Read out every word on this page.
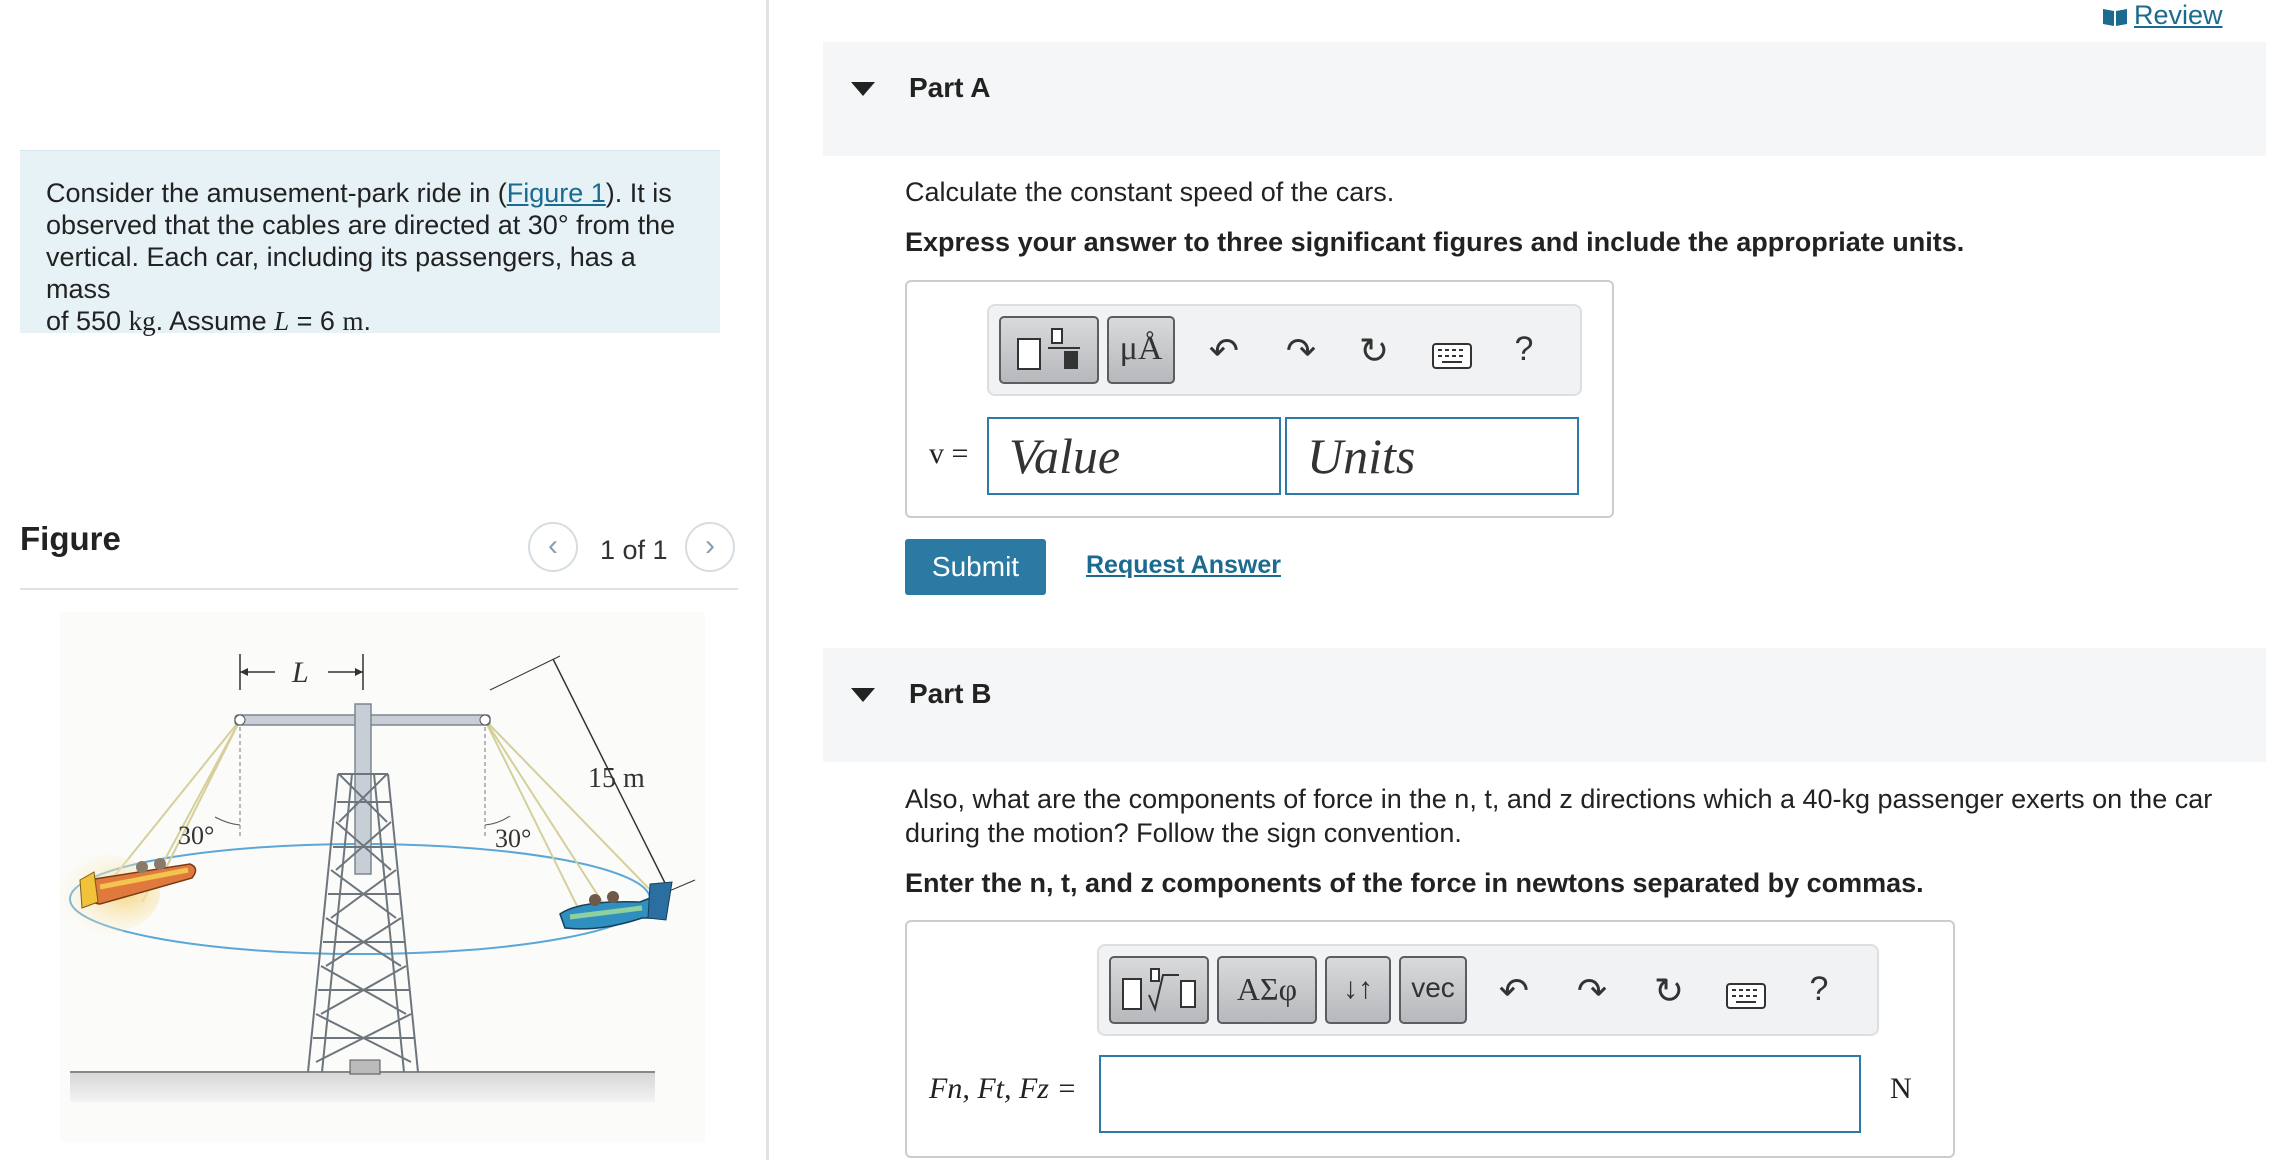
Consider the amusement-park ride in (Figure 1). It is
observed that the cables are directed at 30° from the
vertical. Each car, including its passengers, has a mass
of 550 kg. Assume L = 6 m.
Figure	‹	1 of 1	›
30°	30°
L
15 m
Review
Part A
Calculate the constant speed of the cars.
Express your answer to three significant figures and include the appropriate units.
μÅ	↶ ↷ ↻	?
v =
Value
Units
Submit	Request Answer
Part B
Also, what are the components of force in the n, t, and z directions which a 40-kg passenger exerts on the car
during the motion? Follow the sign convention.
Enter the n, t, and z components of the force in newtons separated by commas.
ΑΣφ	↓↑	vec	↶ ↷ ↻	?
Fn, Ft, Fz =	N
